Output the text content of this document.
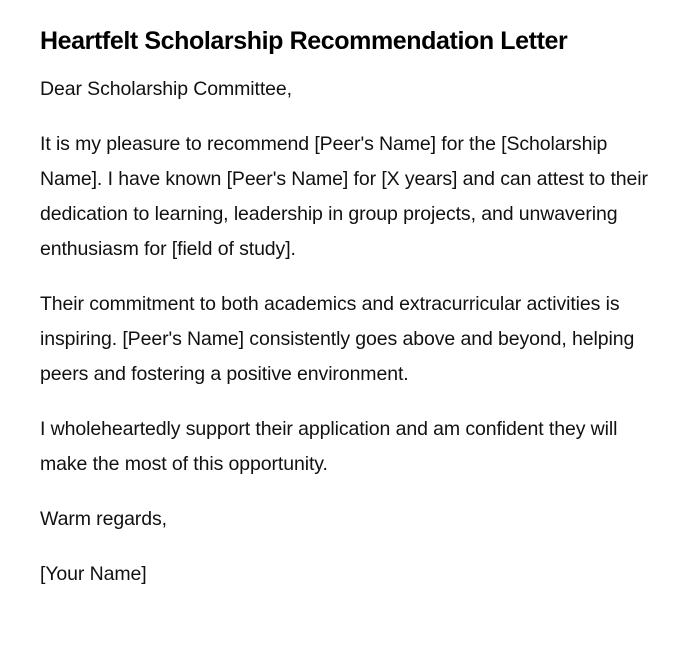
Heartfelt Scholarship Recommendation Letter

Dear Scholarship Committee,

It is my pleasure to recommend [Peer's Name] for the [Scholarship Name]. I have known [Peer's Name] for [X years] and can attest to their dedication to learning, leadership in group projects, and unwavering enthusiasm for [field of study].

Their commitment to both academics and extracurricular activities is inspiring. [Peer's Name] consistently goes above and beyond, helping peers and fostering a positive environment.

I wholeheartedly support their application and am confident they will make the most of this opportunity.

Warm regards,

[Your Name]
